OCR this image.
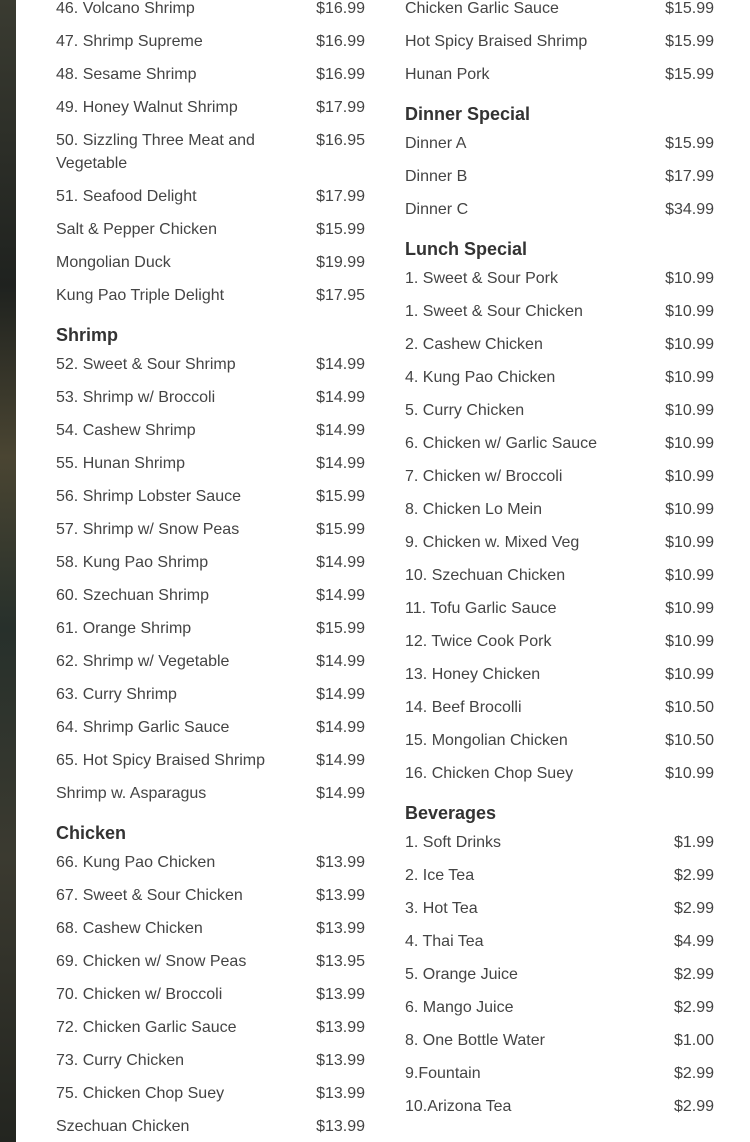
46. Volcano Shrimp	$16.99
47. Shrimp Supreme	$16.99
48. Sesame Shrimp	$16.99
49. Honey Walnut Shrimp	$17.99
50. Sizzling Three Meat and Vegetable
$16.95
51. Seafood Delight	$17.99
Salt & Pepper Chicken	$15.99
Mongolian Duck	$19.99
Kung Pao Triple Delight	$17.95
Shrimp
52. Sweet & Sour Shrimp	$14.99
53. Shrimp w/ Broccoli	$14.99
54. Cashew Shrimp	$14.99
55. Hunan Shrimp	$14.99
56. Shrimp Lobster Sauce	$15.99
57. Shrimp w/ Snow Peas	$15.99
58. Kung Pao Shrimp	$14.99
60. Szechuan Shrimp	$14.99
61. Orange Shrimp	$15.99
62. Shrimp w/ Vegetable	$14.99
63. Curry Shrimp	$14.99
64. Shrimp Garlic Sauce	$14.99
65. Hot Spicy Braised Shrimp	$14.99
Shrimp w. Asparagus	$14.99
Chicken
66. Kung Pao Chicken	$13.99
67. Sweet & Sour Chicken	$13.99
68. Cashew Chicken	$13.99
69. Chicken w/ Snow Peas	$13.95
70. Chicken w/ Broccoli	$13.99
72. Chicken Garlic Sauce	$13.99
73. Curry Chicken	$13.99
75. Chicken Chop Suey	$13.99
Szechuan Chicken	$13.99
Chicken Garlic Sauce	$15.99
Hot Spicy Braised Shrimp	$15.99
Hunan Pork	$15.99
Dinner Special
Dinner A	$15.99
Dinner B	$17.99
Dinner C	$34.99
Lunch Special
1. Sweet & Sour Pork	$10.99
1. Sweet & Sour Chicken	$10.99
2. Cashew Chicken	$10.99
4. Kung Pao Chicken	$10.99
5. Curry Chicken	$10.99
6. Chicken w/ Garlic Sauce	$10.99
7. Chicken w/ Broccoli	$10.99
8. Chicken Lo Mein	$10.99
9. Chicken w. Mixed Veg	$10.99
10. Szechuan Chicken	$10.99
11. Tofu Garlic Sauce	$10.99
12. Twice Cook Pork	$10.99
13. Honey Chicken	$10.99
14. Beef Brocolli	$10.50
15. Mongolian Chicken	$10.50
16. Chicken Chop Suey	$10.99
Beverages
1. Soft Drinks	$1.99
2. Ice Tea	$2.99
3. Hot Tea	$2.99
4. Thai Tea	$4.99
5. Orange Juice	$2.99
6. Mango Juice	$2.99
8. One Bottle Water	$1.00
9.Fountain	$2.99
10.Arizona Tea	$2.99
